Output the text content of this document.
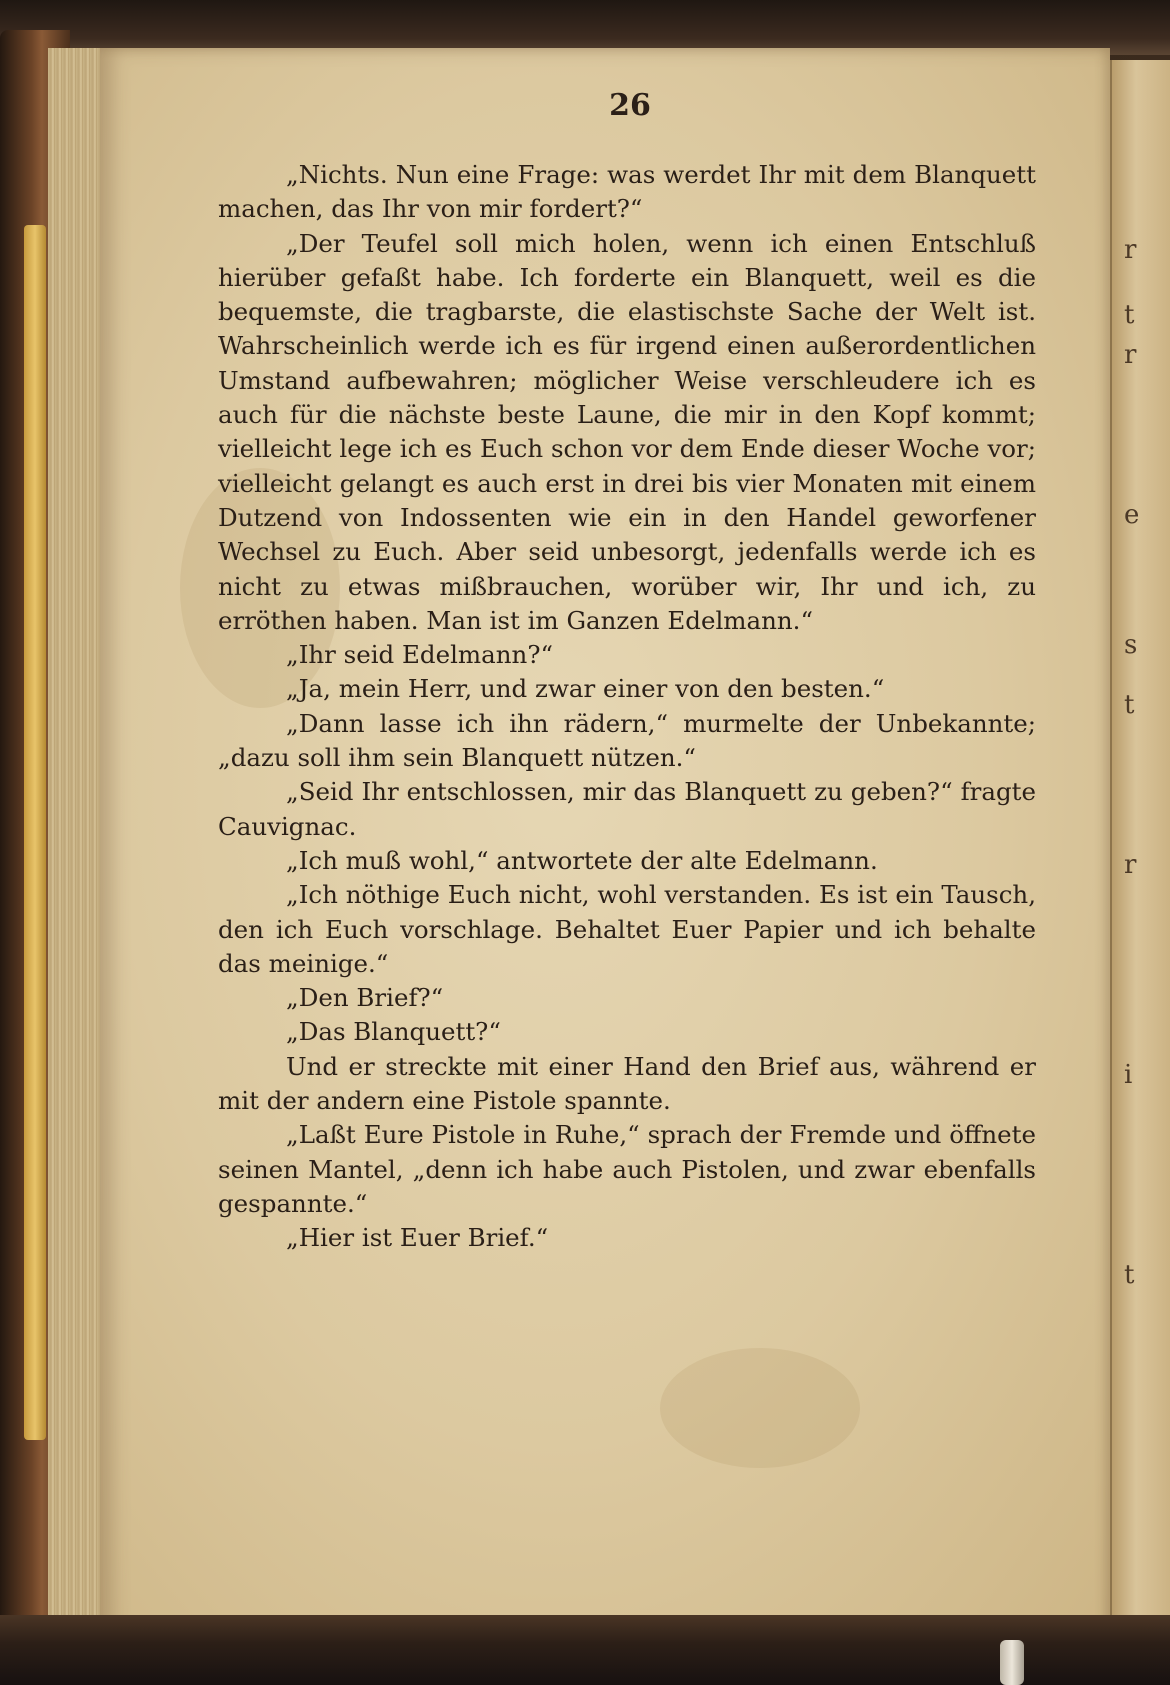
r
t
r
e
s
t
r
i
t
26

„Nichts. Nun eine Frage: was werdet Ihr mit dem Blanquett machen, das Ihr von mir fordert?“

„Der Teufel soll mich holen, wenn ich einen Entschluß hierüber gefaßt habe. Ich forderte ein Blanquett, weil es die bequemste, die tragbarste, die elastischste Sache der Welt ist. Wahrscheinlich werde ich es für irgend einen außerordentlichen Umstand aufbewahren; möglicher Weise verschleudere ich es auch für die nächste beste Laune, die mir in den Kopf kommt; vielleicht lege ich es Euch schon vor dem Ende dieser Woche vor; vielleicht gelangt es auch erst in drei bis vier Monaten mit einem Dutzend von Indossenten wie ein in den Handel geworfener Wechsel zu Euch. Aber seid unbesorgt, jedenfalls werde ich es nicht zu etwas mißbrauchen, worüber wir, Ihr und ich, zu erröthen haben. Man ist im Ganzen Edelmann.“

„Ihr seid Edelmann?“

„Ja, mein Herr, und zwar einer von den besten.“

„Dann lasse ich ihn rädern,“ murmelte der Unbekannte; „dazu soll ihm sein Blanquett nützen.“

„Seid Ihr entschlossen, mir das Blanquett zu geben?“ fragte Cauvignac.

„Ich muß wohl,“ antwortete der alte Edelmann.

„Ich nöthige Euch nicht, wohl verstanden. Es ist ein Tausch, den ich Euch vorschlage. Behaltet Euer Papier und ich behalte das meinige.“

„Den Brief?“

„Das Blanquett?“

Und er streckte mit einer Hand den Brief aus, während er mit der andern eine Pistole spannte.

„Laßt Eure Pistole in Ruhe,“ sprach der Fremde und öffnete seinen Mantel, „denn ich habe auch Pistolen, und zwar ebenfalls gespannte.“

„Hier ist Euer Brief.“
